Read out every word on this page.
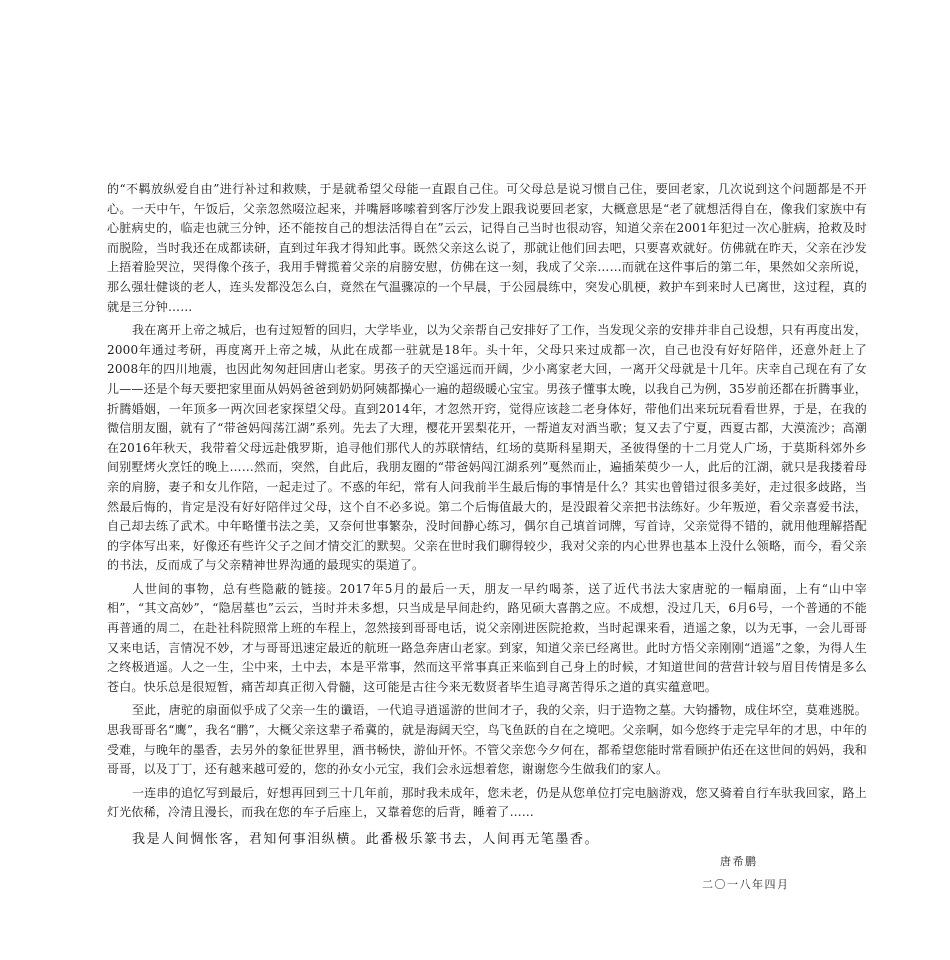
的“不羁放纵爱自由”进行补过和救赎，于是就希望父母能一直跟自己住。可父母总是说习惯自己住，要回老家，几次说到这个问题都是不开心。一天中午，午饭后，父亲忽然啜泣起来，并嘴唇哆嗦着到客厅沙发上跟我说要回老家，大概意思是“老了就想活得自在，像我们家族中有心脏病史的，临走也就三分钟，还不能按自己的想法活得自在”云云，记得自己当时也很动容，知道父亲在2001年犯过一次心脏病，抢救及时而脱险，当时我还在成都读研，直到过年我才得知此事。既然父亲这么说了，那就让他们回去吧，只要喜欢就好。仿佛就在昨天，父亲在沙发上捂着脸哭泣，哭得像个孩子，我用手臂揽着父亲的肩膀安慰，仿佛在这一刻，我成了父亲……而就在这件事后的第二年，果然如父亲所说，那么强壮健谈的老人，连头发都没怎么白，竟然在气温骤凉的一个早晨，于公园晨练中，突发心肌梗，救护车到来时人已离世，这过程，真的就是三分钟……

我在离开上帝之城后，也有过短暂的回归，大学毕业，以为父亲帮自己安排好了工作，当发现父亲的安排并非自己设想，只有再度出发，2000年通过考研，再度离开上帝之城，从此在成都一驻就是18年。头十年，父母只来过成都一次，自己也没有好好陪伴，还意外赶上了2008年的四川地震，也因此匆匆赶回唐山老家。男孩子的天空遥远而开阔，少小离家老大回，一离开父母就是十几年。庆幸自己现在有了女儿——还是个每天要把家里面从妈妈爸爸到奶奶阿姨都操心一遍的超级暖心宝宝。男孩子懂事太晚，以我自己为例，35岁前还都在折腾事业，折腾婚姻，一年顶多一两次回老家探望父母。直到2014年，才忽然开窍，觉得应该趁二老身体好，带他们出来玩玩看看世界，于是，在我的微信朋友圈，就有了“带爸妈闯荡江湖”系列。先去了大理，樱花开罢梨花开，一帮道友对酒当歌；复又去了宁夏，西夏古都，大漠流沙；高潮在2016年秋天，我带着父母远赴俄罗斯，追寻他们那代人的苏联情结，红场的莫斯科星期天，圣彼得堡的十二月党人广场，于莫斯科郊外乡间别墅烤火烹饪的晚上……然而，突然，自此后，我朋友圈的“带爸妈闯江湖系列”戛然而止，遍插茱萸少一人，此后的江湖，就只是我搂着母亲的肩膀，妻子和女儿作陪，一起走过了。不惑的年纪，常有人问我前半生最后悔的事情是什么？其实也曾错过很多美好，走过很多歧路，当然最后悔的，肯定是没有好好陪伴过父母，这个自不必多说。第二个后悔值最大的，是没跟着父亲把书法练好。少年叛逆，看父亲喜爱书法，自己却去练了武术。中年略懂书法之美，又奈何世事繁杂，没时间静心练习，偶尔自己填首词牌，写首诗，父亲觉得不错的，就用他理解搭配的字体写出来，好像还有些许父子之间才情交汇的默契。父亲在世时我们聊得较少，我对父亲的内心世界也基本上没什么领略，而今，看父亲的书法，反而成了与父亲精神世界沟通的最现实的渠道了。

人世间的事物，总有些隐蔽的链接。2017年5月的最后一天，朋友一早约喝茶，送了近代书法大家唐驼的一幅扇面，上有“山中宰相”，“其文高妙”，“隐居墓也”云云，当时并未多想，只当成是早间赴约，路见硕大喜鹊之应。不成想，没过几天，6月6号，一个普通的不能再普通的周二，在赴社科院照常上班的车程上，忽然接到哥哥电话，说父亲刚进医院抢救，当时起课来看，逍遥之象，以为无事，一会儿哥哥又来电话，言情况不妙，才与哥哥迅速定最近的航班一路急奔唐山老家。到家，知道父亲已经离世。此时方悟父亲刚刚“逍遥”之象，为得人生之终极逍遥。人之一生，尘中来，土中去，本是平常事，然而这平常事真正来临到自己身上的时候，才知道世间的营营计较与眉目传情是多么苍白。快乐总是很短暂，痛苦却真正彻入骨髓，这可能是古往今来无数贤者毕生追寻离苦得乐之道的真实蕴意吧。

至此，唐驼的扇面似乎成了父亲一生的谶语，一代追寻逍遥游的世间才子，我的父亲，归于造物之墓。大钧播物，成住坏空，莫难逃脱。思我哥哥名“鹰”，我名“鹏”，大概父亲这辈子希冀的，就是海阔天空，鸟飞鱼跃的自在之境吧。父亲啊，如今您终于走完早年的才思，中年的受难，与晚年的墨香，去另外的象征世界里，酒书畅快，游仙开怀。不管父亲您今夕何在，都希望您能时常看顾护佑还在这世间的妈妈，我和哥哥，以及丁丁，还有越来越可爱的，您的孙女小元宝，我们会永远想着您，谢谢您今生做我们的家人。

一连串的追忆写到最后，好想再回到三十几年前，那时我未成年，您未老，仍是从您单位打完电脑游戏，您又骑着自行车驮我回家，路上灯光依稀，冷清且漫长，而我在您的车子后座上，又靠着您的后背，睡着了……

我是人间惆怅客，君知何事泪纵横。此番极乐篆书去，人间再无笔墨香。

唐希鹏
二〇一八年四月
